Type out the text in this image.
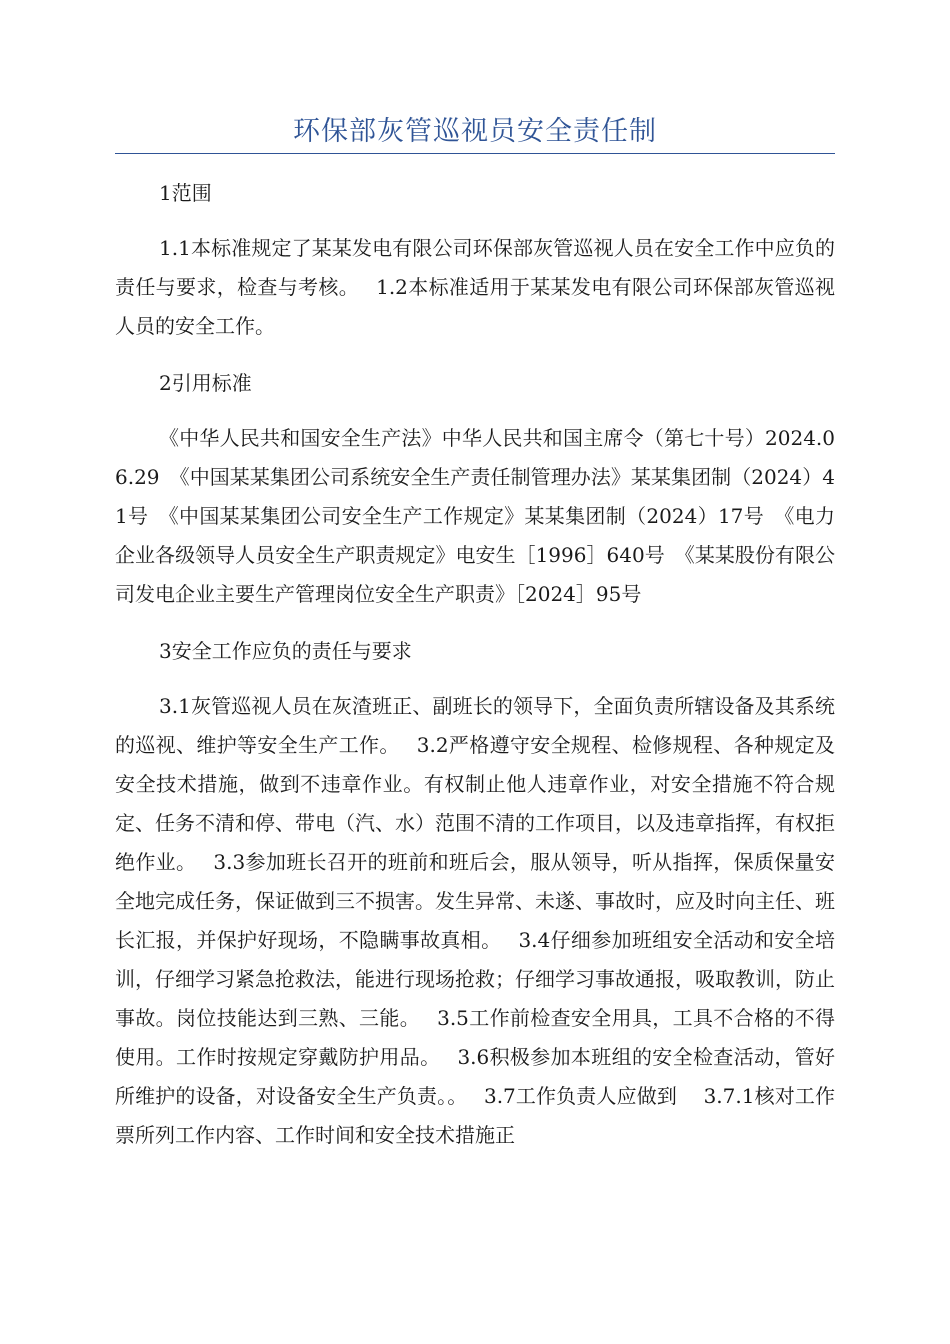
环保部灰管巡视员安全责任制

1范围

1.1本标准规定了某某发电有限公司环保部灰管巡视人员在安全工作中应负的责任与要求，检查与考核。　 1.2本标准适用于某某发电有限公司环保部灰管巡视人员的安全工作。

2引用标准

《中华人民共和国安全生产法》中华人民共和国主席令（第七十号）2024.06.29　《中国某某集团公司系统安全生产责任制管理办法》某某集团制（2024）41号　《中国某某集团公司安全生产工作规定》某某集团制（2024）17号　《电力企业各级领导人员安全生产职责规定》电安生［1996］640号　《某某股份有限公司发电企业主要生产管理岗位安全生产职责》［2024］95号

3安全工作应负的责任与要求

3.1灰管巡视人员在灰渣班正、副班长的领导下，全面负责所辖设备及其系统的巡视、维护等安全生产工作。　 3.2严格遵守安全规程、检修规程、各种规定及安全技术措施，做到不违章作业。有权制止他人违章作业，对安全措施不符合规定、任务不清和停、带电（汽、水）范围不清的工作项目，以及违章指挥，有权拒绝作业。　 3.3参加班长召开的班前和班后会，服从领导，听从指挥，保质保量安全地完成任务，保证做到三不损害。发生异常、未遂、事故时，应及时向主任、班长汇报，并保护好现场，不隐瞒事故真相。　 3.4仔细参加班组安全活动和安全培训，仔细学习紧急抢救法，能进行现场抢救；仔细学习事故通报，吸取教训，防止事故。岗位技能达到三熟、三能。　 3.5工作前检查安全用具，工具不合格的不得使用。工作时按规定穿戴防护用品。　 3.6积极参加本班组的安全检查活动，管好所维护的设备，对设备安全生产负责。。　 3.7工作负责人应做到　 3.7.1核对工作票所列工作内容、工作时间和安全技术措施正
